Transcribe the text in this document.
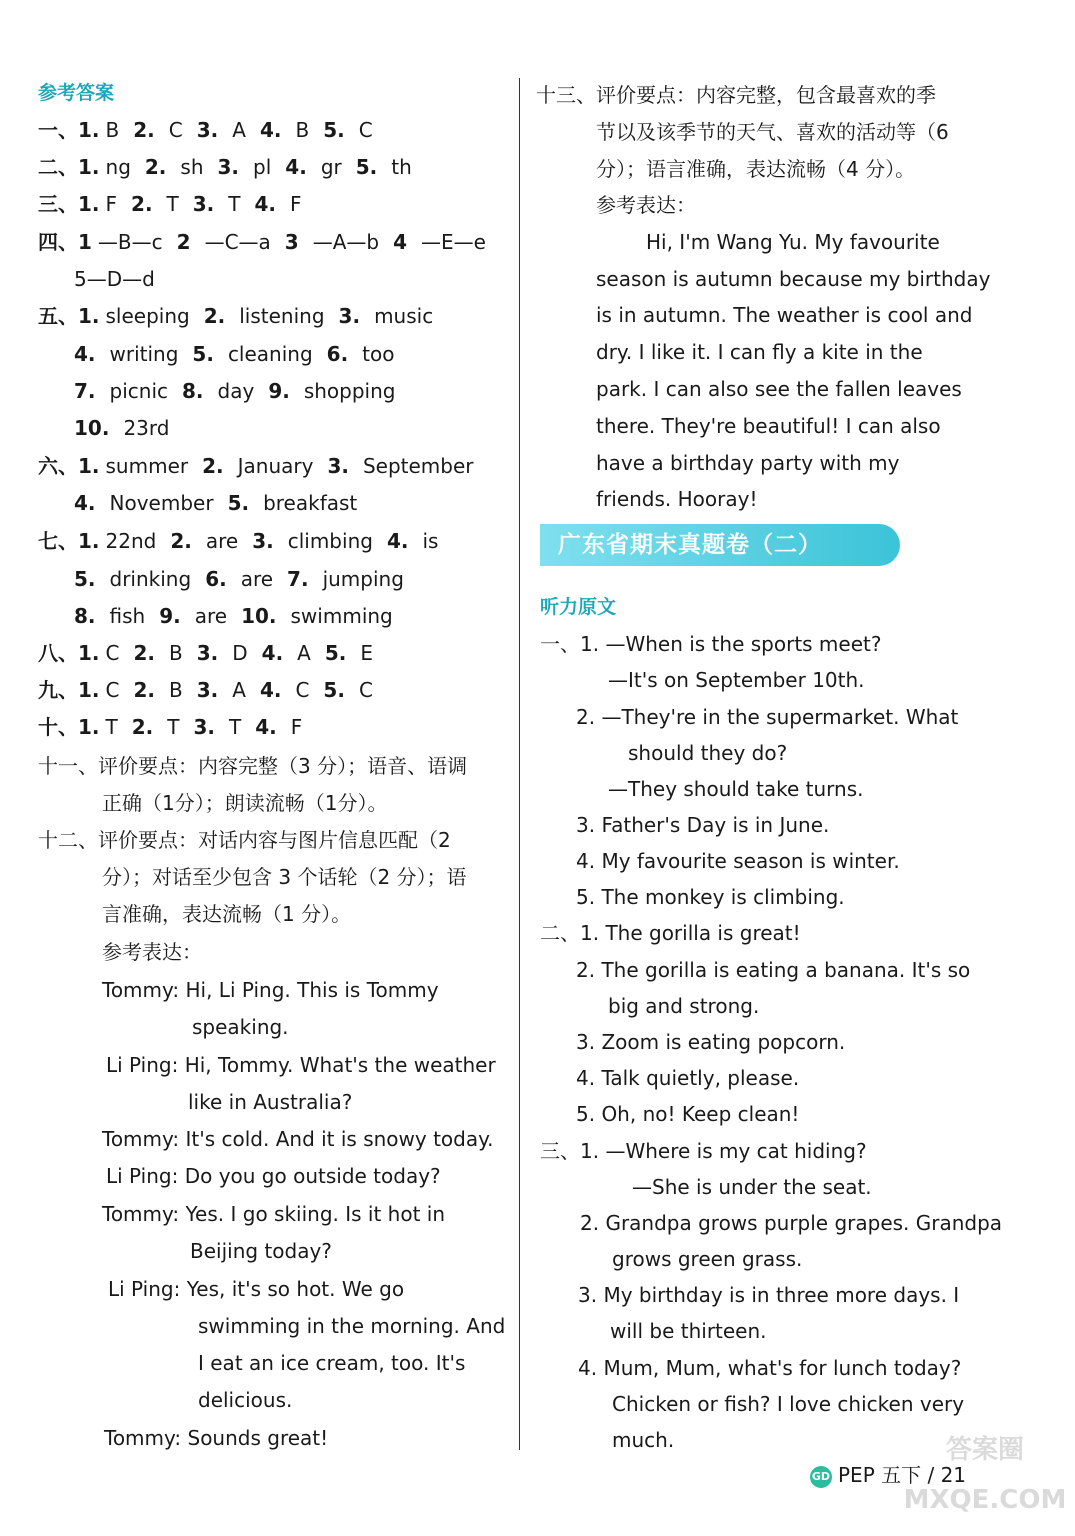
参考答案
一、1. B 2. C 3. A 4. B 5. C
二、1. ng 2. sh 3. pl 4. gr 5. th
三、1. F 2. T 3. T 4. F
四、1 —B—c 2 —C—a 3 —A—b 4 —E—e
5—D—d
五、1. sleeping 2. listening 3. music
4. writing 5. cleaning 6. too
7. picnic 8. day 9. shopping
10. 23rd
六、1. summer 2. January 3. September
4. November 5. breakfast
七、1. 22nd 2. are 3. climbing 4. is
5. drinking 6. are 7. jumping
8. fish 9. are 10. swimming
八、1. C 2. B 3. D 4. A 5. E
九、1. C 2. B 3. A 4. C 5. C
十、1. T 2. T 3. T 4. F
十一、评价要点：内容完整（3 分）；语音、语调
正确（1分）；朗读流畅（1分）。
十二、评价要点：对话内容与图片信息匹配（2
分）；对话至少包含 3 个话轮（2 分）；语
言准确，表达流畅（1 分）。
参考表达：
Tommy: Hi, Li Ping. This is Tommy
speaking.
Li Ping: Hi, Tommy. What's the weather
like in Australia?
Tommy: It's cold. And it is snowy today.
Li Ping: Do you go outside today?
Tommy: Yes. I go skiing. Is it hot in
Beijing today?
Li Ping: Yes, it's so hot. We go
swimming in the morning. And
I eat an ice cream, too. It's
delicious.
Tommy: Sounds great!
十三、评价要点：内容完整，包含最喜欢的季
节以及该季节的天气、喜欢的活动等（6
分）；语言准确，表达流畅（4 分）。
参考表达：
Hi, I'm Wang Yu. My favourite
season is autumn because my birthday
is in autumn. The weather is cool and
dry. I like it. I can fly a kite in the
park. I can also see the fallen leaves
there. They're beautiful! I can also
have a birthday party with my
friends. Hooray!
一、1. —When is the sports meet?
—It's on September 10th.
2. —They're in the supermarket. What
should they do?
—They should take turns.
3. Father's Day is in June.
4. My favourite season is winter.
5. The monkey is climbing.
二、1. The gorilla is great!
2. The gorilla is eating a banana. It's so
big and strong.
3. Zoom is eating popcorn.
4. Talk quietly, please.
5. Oh, no! Keep clean!
三、1. —Where is my cat hiding?
—She is under the seat.
2. Grandpa grows purple grapes. Grandpa
grows green grass.
3. My birthday is in three more days. I
will be thirteen.
4. Mum, Mum, what's for lunch today?
Chicken or fish? I love chicken very
much.
广东省期末真题卷（二）
听力原文
GD PEP 五下 / 21
答案圈
MXQE.COM
